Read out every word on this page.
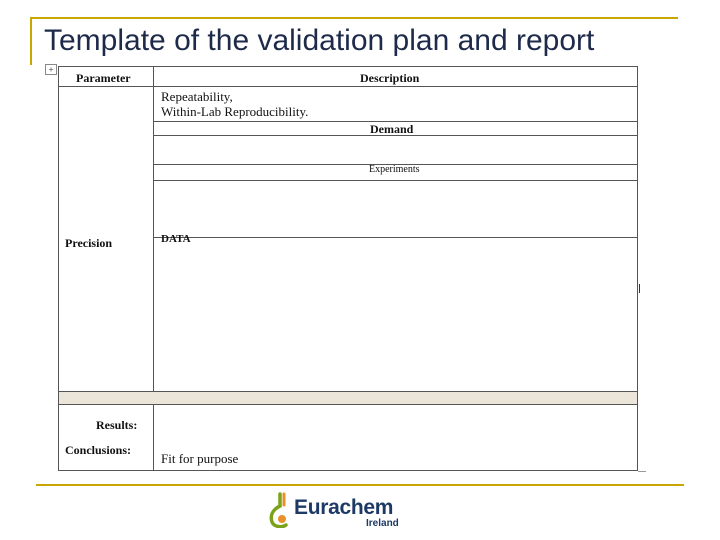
Template of the validation plan and report
+
Parameter	Description
Repeatability,
Within-Lab Reproducibility.
Demand
Experiments
Precision	DATA
Results:
Conclusions:
Fit for purpose
Eurachem
Ireland
